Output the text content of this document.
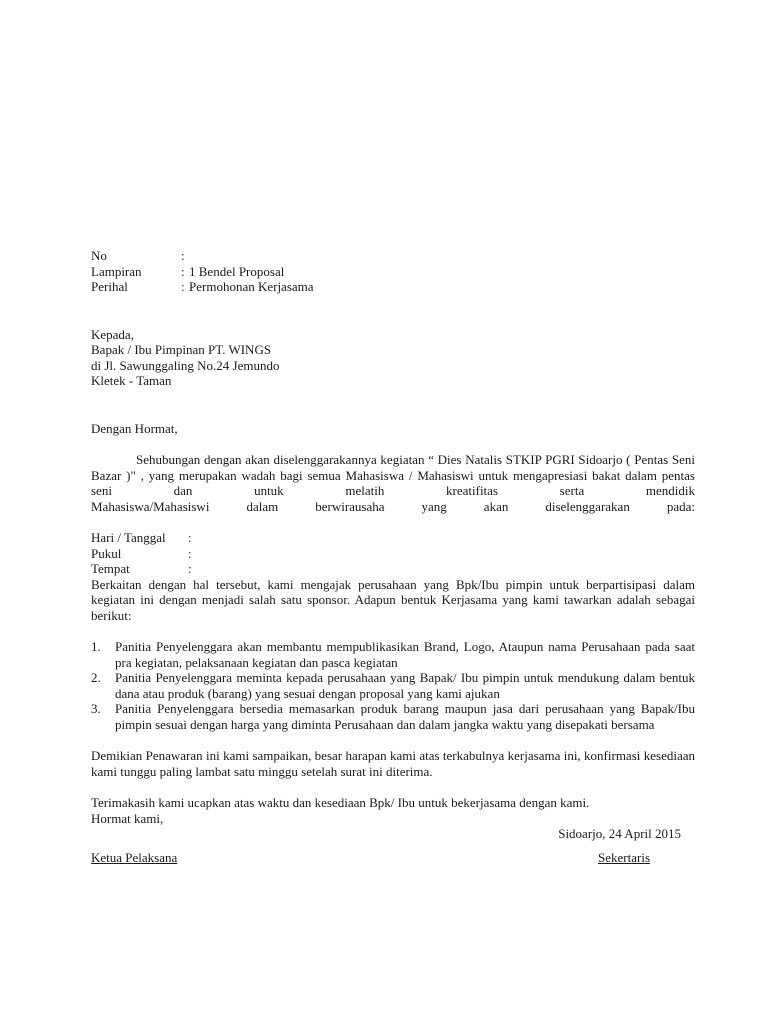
No	:
Lampiran	: 1 Bendel Proposal
Perihal	: Permohonan Kerjasama
Kepada,
Bapak / Ibu Pimpinan PT. WINGS
di Jl. Sawunggaling No.24 Jemundo
Kletek - Taman
Dengan Hormat,

Sehubungan dengan akan diselenggarakannya kegiatan “ Dies Natalis STKIP PGRI Sidoarjo ( Pentas Seni Bazar )" , yang merupakan wadah bagi semua Mahasiswa / Mahasiswi untuk mengapresiasi bakat dalam pentas seni dan untuk melatih kreatifitas serta mendidik

Mahasiswa/Mahasiswi dalam berwirausaha yang akan diselenggarakan pada:

Hari / Tanggal	:
Pukul	:
Tempat	:

Berkaitan dengan hal tersebut, kami mengajak perusahaan yang Bpk/Ibu pimpin untuk berpartisipasi dalam kegiatan ini dengan menjadi salah satu sponsor. Adapun bentuk Kerjasama yang kami tawarkan adalah sebagai berikut:

1.	Panitia Penyelenggara akan membantu mempublikasikan Brand, Logo, Ataupun nama Perusahaan pada saat pra kegiatan, pelaksanaan kegiatan dan pasca kegiatan
2.	Panitia Penyelenggara meminta kepada perusahaan yang Bapak/ Ibu pimpin untuk mendukung dalam bentuk dana atau produk (barang) yang sesuai dengan proposal yang kami ajukan
3.	Panitia Penyelenggara bersedia memasarkan produk barang maupun jasa dari perusahaan yang Bapak/Ibu pimpin sesuai dengan harga yang diminta Perusahaan dan dalam jangka waktu yang disepakati bersama

Demikian Penawaran ini kami sampaikan, besar harapan kami atas terkabulnya kerjasama ini, konfirmasi kesediaan kami tunggu paling lambat satu minggu setelah surat ini diterima.

Terimakasih kami ucapkan atas waktu dan kesediaan Bpk/ Ibu untuk bekerjasama dengan kami.
Hormat kami,
Sidoarjo, 24 April 2015
Ketua Pelaksana	Sekertaris
